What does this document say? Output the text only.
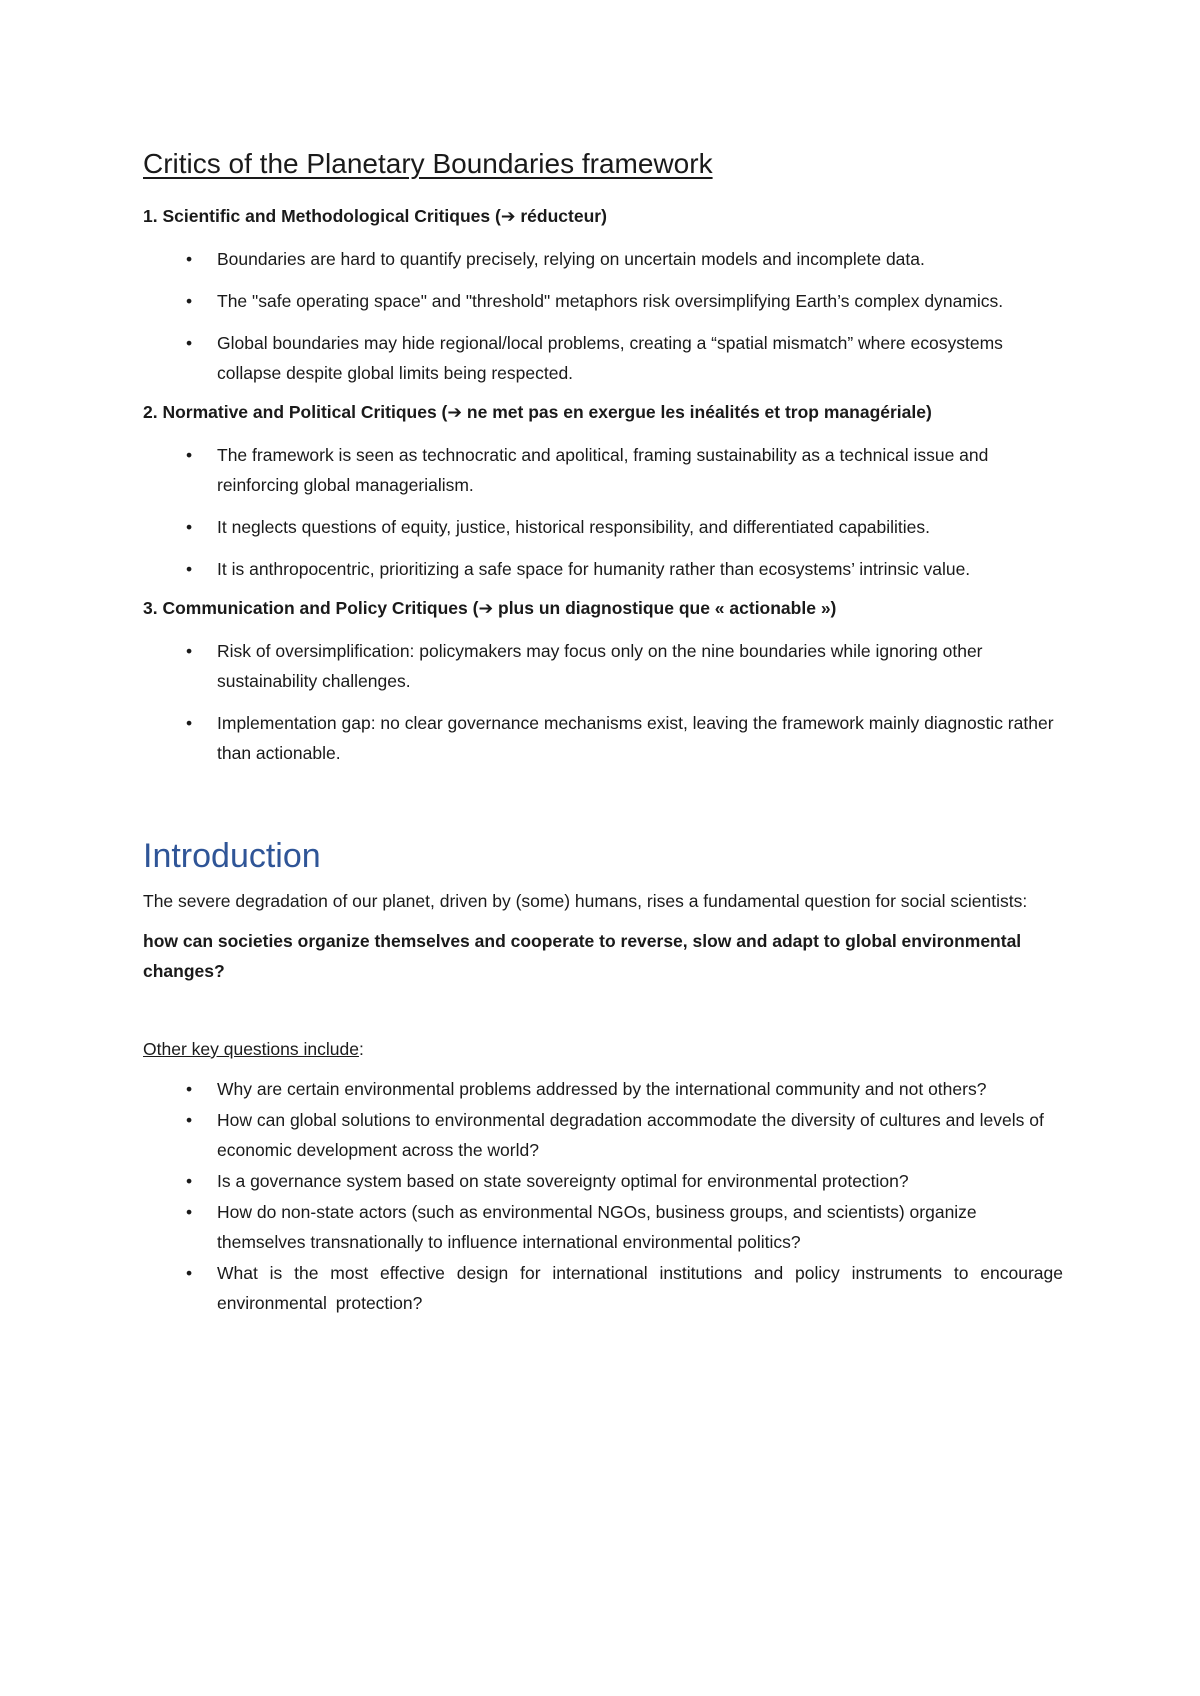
Critics of the Planetary Boundaries framework
1. Scientific and Methodological Critiques (➔ réducteur)
• Boundaries are hard to quantify precisely, relying on uncertain models and incomplete data.
• The "safe operating space" and "threshold" metaphors risk oversimplifying Earth’s complex dynamics.
• Global boundaries may hide regional/local problems, creating a “spatial mismatch” where ecosystems collapse despite global limits being respected.
2. Normative and Political Critiques (➔ ne met pas en exergue les inéalités et trop managériale)
• The framework is seen as technocratic and apolitical, framing sustainability as a technical issue and reinforcing global managerialism.
• It neglects questions of equity, justice, historical responsibility, and differentiated capabilities.
• It is anthropocentric, prioritizing a safe space for humanity rather than ecosystems’ intrinsic value.
3. Communication and Policy Critiques (➔ plus un diagnostique que « actionable »)
• Risk of oversimplification: policymakers may focus only on the nine boundaries while ignoring other sustainability challenges.
• Implementation gap: no clear governance mechanisms exist, leaving the framework mainly diagnostic rather than actionable.
Introduction

The severe degradation of our planet, driven by (some) humans, rises a fundamental question for social scientists:

how can societies organize themselves and cooperate to reverse, slow and adapt to global environmental changes?

Other key questions include:

• Why are certain environmental problems addressed by the international community and not others?
• How can global solutions to environmental degradation accommodate the diversity of cultures and levels of economic development across the world?
• Is a governance system based on state sovereignty optimal for environmental protection?
• How do non-state actors (such as environmental NGOs, business groups, and scientists) organize themselves transnationally to influence international environmental politics?
• What is the most effective design for international institutions and policy instruments to encourage environmental protection?
